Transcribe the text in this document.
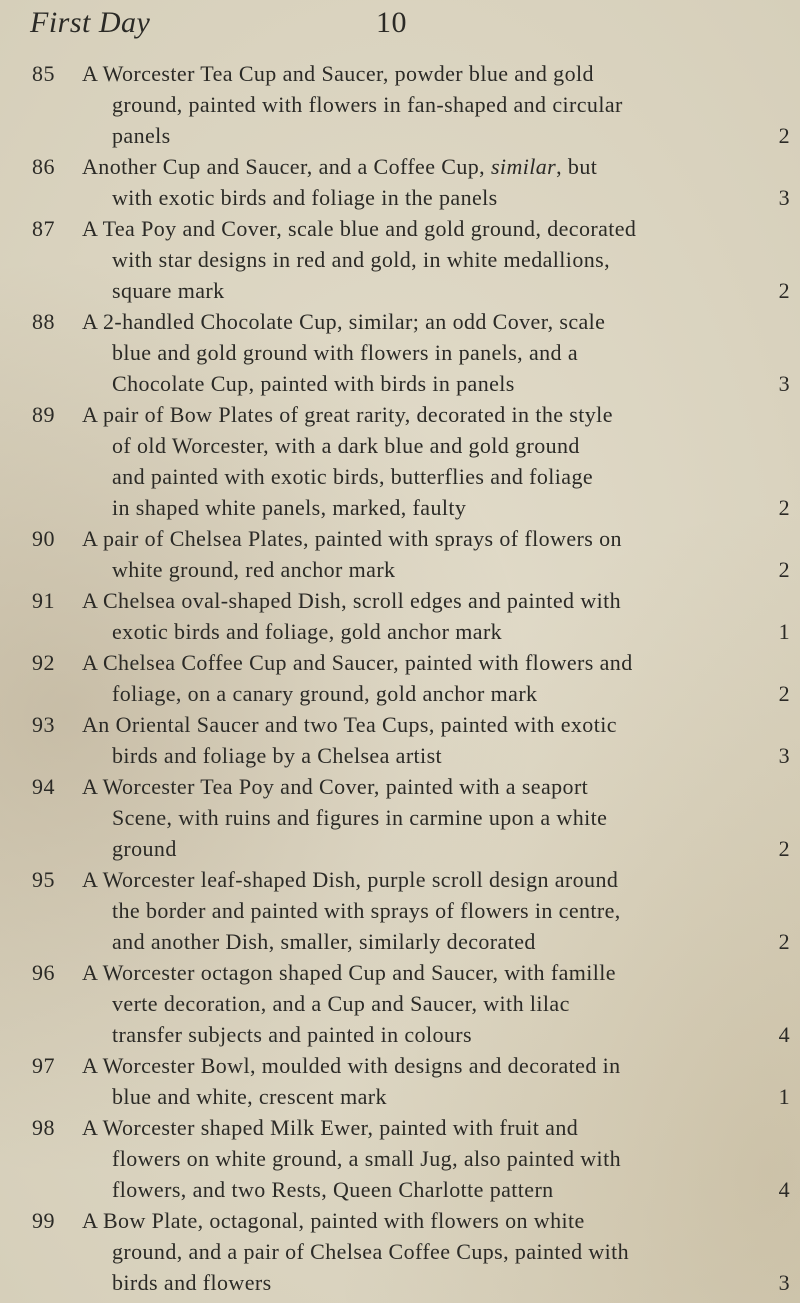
First Day	10
85	A Worcester Tea Cup and Saucer, powder blue and gold
ground, painted with flowers in fan-shaped and circular
panels	2
86	Another Cup and Saucer, and a Coffee Cup, similar, but
with exotic birds and foliage in the panels	3
87	A Tea Poy and Cover, scale blue and gold ground, decorated
with star designs in red and gold, in white medallions,
square mark	2
88	A 2-handled Chocolate Cup, similar; an odd Cover, scale
blue and gold ground with flowers in panels, and a
Chocolate Cup, painted with birds in panels	3
89	A pair of Bow Plates of great rarity, decorated in the style
of old Worcester, with a dark blue and gold ground
and painted with exotic birds, butterflies and foliage
in shaped white panels, marked, faulty	2
90	A pair of Chelsea Plates, painted with sprays of flowers on
white ground, red anchor mark	2
91	A Chelsea oval-shaped Dish, scroll edges and painted with
exotic birds and foliage, gold anchor mark	1
92	A Chelsea Coffee Cup and Saucer, painted with flowers and
foliage, on a canary ground, gold anchor mark	2
93	An Oriental Saucer and two Tea Cups, painted with exotic
birds and foliage by a Chelsea artist	3
94	A Worcester Tea Poy and Cover, painted with a seaport
Scene, with ruins and figures in carmine upon a white
ground	2
95	A Worcester leaf-shaped Dish, purple scroll design around
the border and painted with sprays of flowers in centre,
and another Dish, smaller, similarly decorated	2
96	A Worcester octagon shaped Cup and Saucer, with famille
verte decoration, and a Cup and Saucer, with lilac
transfer subjects and painted in colours	4
97	A Worcester Bowl, moulded with designs and decorated in
blue and white, crescent mark	1
98	A Worcester shaped Milk Ewer, painted with fruit and
flowers on white ground, a small Jug, also painted with
flowers, and two Rests, Queen Charlotte pattern	4
99	A Bow Plate, octagonal, painted with flowers on white
ground, and a pair of Chelsea Coffee Cups, painted with
birds and flowers	3
